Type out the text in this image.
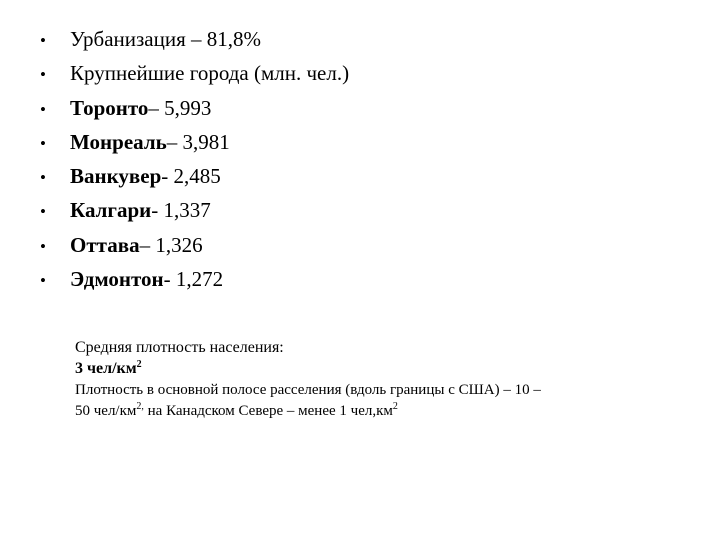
•	Урбанизация – 81,8%
•	Крупнейшие города (млн. чел.)
•	Торонто – 5,993
•	Монреаль – 3,981
•	Ванкувер - 2,485
•	Калгари - 1,337
•	Оттава – 1,326
•	Эдмонтон - 1,272

Средняя плотность населения:

3 чел/$км^2$

Плотность в основной полосе расселения (вдоль границы с США) – 10 – 50 чел/$км^{2,}$ на Канадском Севере – менее 1 $чел,км^2$
